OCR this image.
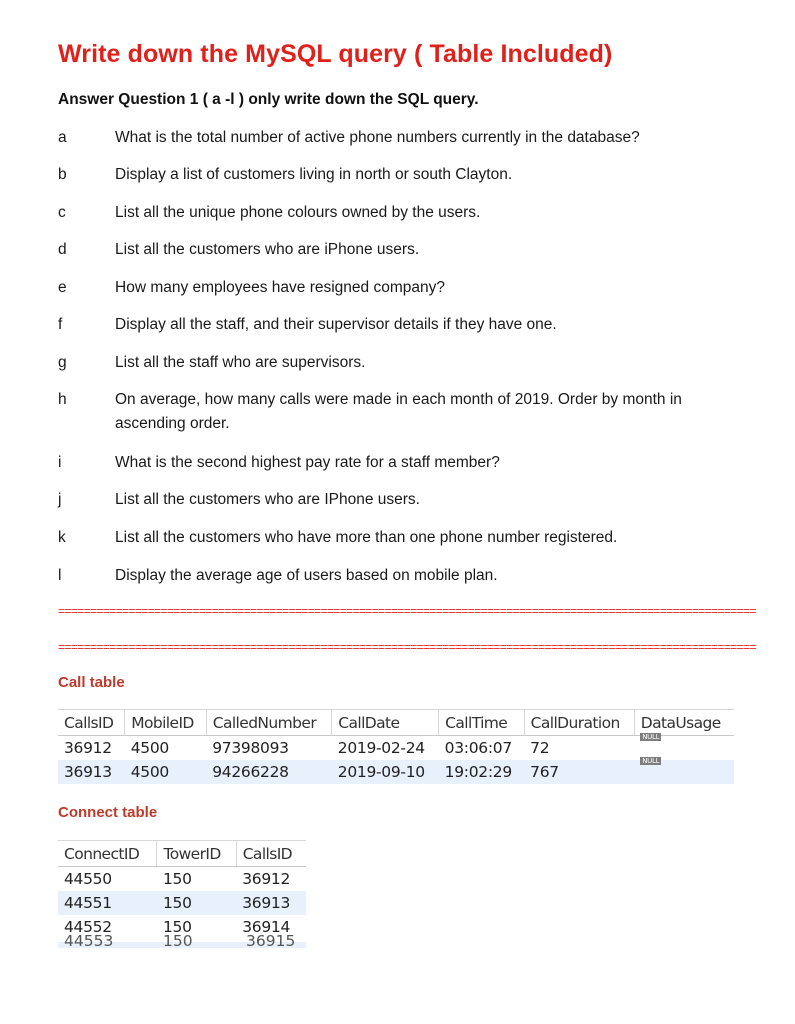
Write down the MySQL query ( Table Included)
Answer Question 1 ( a -l ) only write down the SQL query.
a	What is the total number of active phone numbers currently in the database?
b	Display a list of customers living in north or south Clayton.
c	List all the unique phone colours owned by the users.
d	List all the customers who are iPhone users.
e	How many employees have resigned company?
f	Display all the staff, and their supervisor details if they have one.
g	List all the staff who are supervisors.
h	On average, how many calls were made in each month of 2019. Order by month in ascending order.
i	What is the second highest pay rate for a staff member?
j	List all the customers who are IPhone users.
k	List all the customers who have more than one phone number registered.
l	Display the average age of users based on mobile plan.
=============================================================================================================
=============================================================================================================
Call table
CallsID	MobileID	CalledNumber	CallDate	CallTime	CallDuration	DataUsage
36912	4500	97398093	2019-02-24	03:06:07	72	NULL
36913	4500	94266228	2019-09-10	19:02:29	767	NULL
Connect table
ConnectID	TowerID	CallsID
44550	150	36912
44551	150	36913
44552	150	36914
44553	150	36915
